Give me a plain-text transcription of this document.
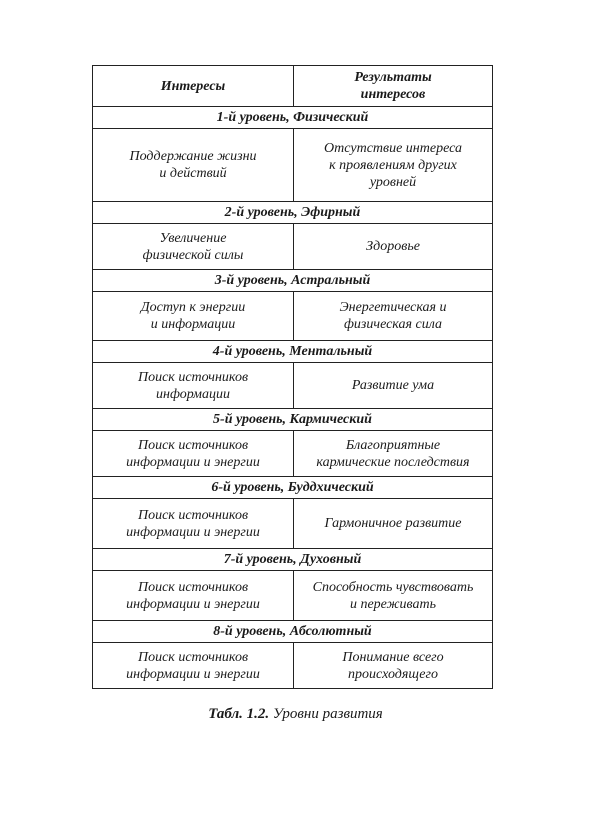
Интересы	Результаты
интересов

1-й уровень, Физический	

Поддержание жизни
и действий	Отсутствие интереса
к проявлениям других
уровней

2-й уровень, Эфирный	

Увеличение
физической силы	Здоровье

3-й уровень, Астральный	

Доступ к энергии
и информации	Энергетическая и
физическая сила

4-й уровень, Ментальный	

Поиск источников
информации	Развитие ума

5-й уровень, Кармический	

Поиск источников
информации и энергии	Благоприятные
кармические последствия

6-й уровень, Буддхический	

Поиск источников
информации и энергии	Гармоничное развитие

7-й уровень, Духовный	

Поиск источников
информации и энергии	Способность чувствовать
и переживать

8-й уровень, Абсолютный	

Поиск источников
информации и энергии	Понимание всего
происходящего
Табл. 1.2. Уровни развития
